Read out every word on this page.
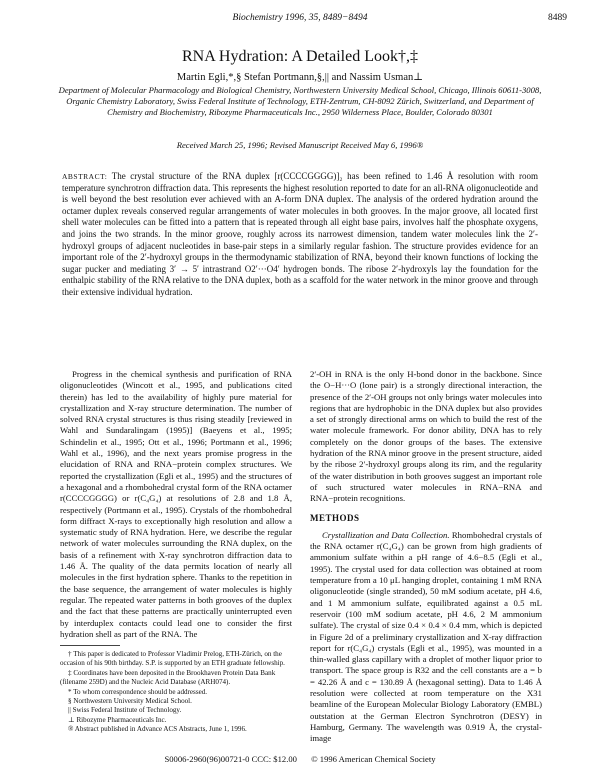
Biochemistry 1996, 35, 8489−8494	8489
RNA Hydration: A Detailed Look†,‡
Martin Egli,*,§ Stefan Portmann,§,|| and Nassim Usman⊥
Department of Molecular Pharmacology and Biological Chemistry, Northwestern University Medical School, Chicago, Illinois 60611-3008, Organic Chemistry Laboratory, Swiss Federal Institute of Technology, ETH-Zentrum, CH-8092 Zürich, Switzerland, and Department of Chemistry and Biochemistry, Ribozyme Pharmaceuticals Inc., 2950 Wilderness Place, Boulder, Colorado 80301
Received March 25, 1996; Revised Manuscript Received May 6, 1996®
ABSTRACT: The crystal structure of the RNA duplex [r(CCCCGGGG)]₂ has been refined to 1.46 Å resolution with room temperature synchrotron diffraction data. This represents the highest resolution reported to date for an all-RNA oligonucleotide and is well beyond the best resolution ever achieved with an A-form DNA duplex. The analysis of the ordered hydration around the octamer duplex reveals conserved regular arrangements of water molecules in both grooves. In the major groove, all located first shell water molecules can be fitted into a pattern that is repeated through all eight base pairs, involves half the phosphate oxygens, and joins the two strands. In the minor groove, roughly across its narrowest dimension, tandem water molecules link the 2′-hydroxyl groups of adjacent nucleotides in base-pair steps in a similarly regular fashion. The structure provides evidence for an important role of the 2′-hydroxyl groups in the thermodynamic stabilization of RNA, beyond their known functions of locking the sugar pucker and mediating 3′ → 5′ intrastrand O2′···O4′ hydrogen bonds. The ribose 2′-hydroxyls lay the foundation for the enthalpic stability of the RNA relative to the DNA duplex, both as a scaffold for the water network in the minor groove and through their extensive individual hydration.

Progress in the chemical synthesis and purification of RNA oligonucleotides (Wincott et al., 1995, and publications cited therein) has led to the availability of highly pure material for crystallization and X-ray structure determination. The number of solved RNA crystal structures is thus rising steadily [reviewed in Wahl and Sundaralingam (1995)] (Baeyens et al., 1995; Schindelin et al., 1995; Ott et al., 1996; Portmann et al., 1996; Wahl et al., 1996), and the next years promise progress in the elucidation of RNA and RNA−protein complex structures. We reported the crystallization (Egli et al., 1995) and the structures of a hexagonal and a rhombohedral crystal form of the RNA octamer r(CCCCGGGG) or r(C₄G₄) at resolutions of 2.8 and 1.8 Å, respectively (Portmann et al., 1995). Crystals of the rhombohedral form diffract X-rays to exceptionally high resolution and allow a systematic study of RNA hydration. Here, we describe the regular network of water molecules surrounding the RNA duplex, on the basis of a refinement with X-ray synchrotron diffraction data to 1.46 Å. The quality of the data permits location of nearly all molecules in the first hydration sphere. Thanks to the repetition in the base sequence, the arrangement of water molecules is highly regular. The repeated water patterns in both grooves of the duplex and the fact that these patterns are practically uninterrupted even by interduplex contacts could lead one to consider the first hydration shell as part of the RNA. The

† This paper is dedicated to Professor Vladimir Prelog, ETH-Zürich, on the occasion of his 90th birthday. S.P. is supported by an ETH graduate fellowship.

‡ Coordinates have been deposited in the Brookhaven Protein Data Bank (filename 259D) and the Nucleic Acid Database (ARH074).

* To whom correspondence should be addressed.

§ Northwestern University Medical School.

|| Swiss Federal Institute of Technology.

⊥ Ribozyme Pharmaceuticals Inc.

® Abstract published in Advance ACS Abstracts, June 1, 1996.

2′-OH in RNA is the only H-bond donor in the backbone. Since the O−H···O (lone pair) is a strongly directional interaction, the presence of the 2′-OH groups not only brings water molecules into regions that are hydrophobic in the DNA duplex but also provides a set of strongly directional arms on which to build the rest of the water molecule framework. For donor ability, DNA has to rely completely on the donor groups of the bases. The extensive hydration of the RNA minor groove in the present structure, aided by the ribose 2′-hydroxyl groups along its rim, and the regularity of the water distribution in both grooves suggest an important role of such structured water molecules in RNA−RNA and RNA−protein recognitions.

METHODS

Crystallization and Data Collection. Rhombohedral crystals of the RNA octamer r(C₄G₄) can be grown from high gradients of ammonium sulfate within a pH range of 4.6−8.5 (Egli et al., 1995). The crystal used for data collection was obtained at room temperature from a 10 μL hanging droplet, containing 1 mM RNA oligonucleotide (single stranded), 50 mM sodium acetate, pH 4.6, and 1 M ammonium sulfate, equilibrated against a 0.5 mL reservoir (100 mM sodium acetate, pH 4.6, 2 M ammonium sulfate). The crystal of size 0.4 × 0.4 × 0.4 mm, which is depicted in Figure 2d of a preliminary crystallization and X-ray diffraction report for r(C₄G₄) crystals (Egli et al., 1995), was mounted in a thin-walled glass capillary with a droplet of mother liquor prior to transport. The space group is R32 and the cell constants are a = b = 42.26 Å and c = 130.89 Å (hexagonal setting). Data to 1.46 Å resolution were collected at room temperature on the X31 beamline of the European Molecular Biology Laboratory (EMBL) outstation at the German Electron Synchrotron (DESY) in Hamburg, Germany. The wavelength was 0.919 Å, the crystal-image

S0006-2960(96)00721-0 CCC: $12.00 © 1996 American Chemical Society
